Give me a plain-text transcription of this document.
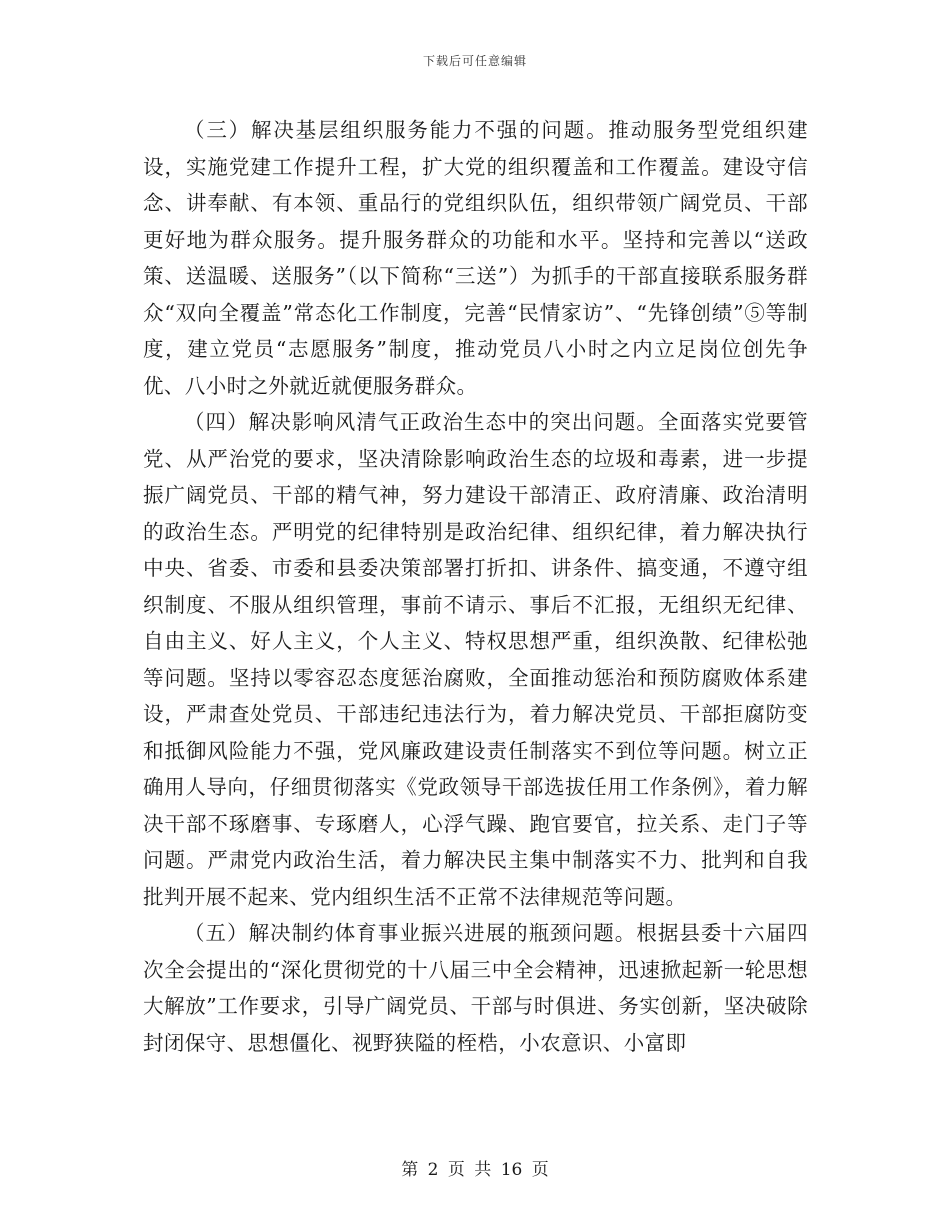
下载后可任意编辑

（三）解决基层组织服务能力不强的问题。推动服务型党组织建设，实施党建工作提升工程，扩大党的组织覆盖和工作覆盖。建设守信念、讲奉献、有本领、重品行的党组织队伍，组织带领广阔党员、干部更好地为群众服务。提升服务群众的功能和水平。坚持和完善以“送政策、送温暖、送服务”（以下简称“三送”）为抓手的干部直接联系服务群众“双向全覆盖”常态化工作制度，完善“民情家访”、“先锋创绩”⑤等制度，建立党员“志愿服务”制度，推动党员八小时之内立足岗位创先争优、八小时之外就近就便服务群众。

（四）解决影响风清气正政治生态中的突出问题。全面落实党要管党、从严治党的要求，坚决清除影响政治生态的垃圾和毒素，进一步提振广阔党员、干部的精气神，努力建设干部清正、政府清廉、政治清明的政治生态。严明党的纪律特别是政治纪律、组织纪律，着力解决执行中央、省委、市委和县委决策部署打折扣、讲条件、搞变通，不遵守组织制度、不服从组织管理，事前不请示、事后不汇报，无组织无纪律、自由主义、好人主义，个人主义、特权思想严重，组织涣散、纪律松弛等问题。坚持以零容忍态度惩治腐败，全面推动惩治和预防腐败体系建设，严肃查处党员、干部违纪违法行为，着力解决党员、干部拒腐防变和抵御风险能力不强，党风廉政建设责任制落实不到位等问题。树立正确用人导向，仔细贯彻落实《党政领导干部选拔任用工作条例》，着力解决干部不琢磨事、专琢磨人，心浮气躁、跑官要官，拉关系、走门子等问题。严肃党内政治生活，着力解决民主集中制落实不力、批判和自我批判开展不起来、党内组织生活不正常不法律规范等问题。

（五）解决制约体育事业振兴进展的瓶颈问题。根据县委十六届四次全会提出的“深化贯彻党的十八届三中全会精神，迅速掀起新一轮思想大解放”工作要求，引导广阔党员、干部与时俱进、务实创新，坚决破除封闭保守、思想僵化、视野狭隘的桎梏，小农意识、小富即

第 2 页 共 16 页
